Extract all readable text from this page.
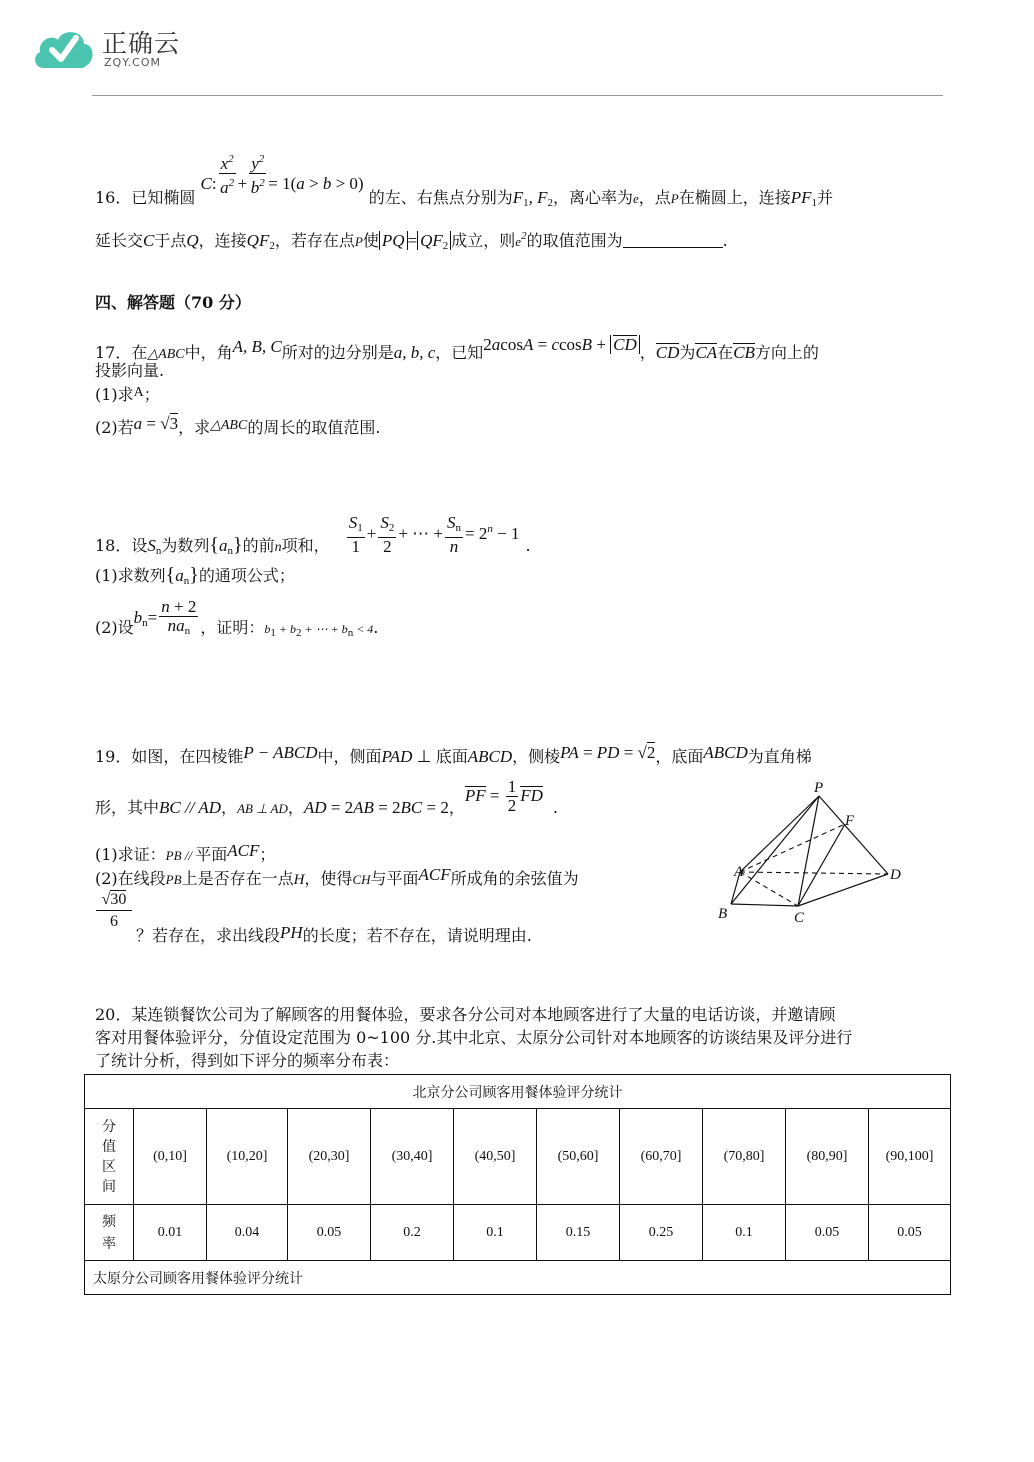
正确云
ZQY.COM
16．已知椭圆 C: $\frac{x^2}{a^2} + \frac{y^2}{b^2} = 1(a > b > 0)$ 的左、右焦点分别为$F_1$, $F_2$，离心率为e，点P在椭圆上，连接$PF_1$并
延长交C于点Q，连接$QF_2$，若存在点P使 PQ = $QF_2$ 成立，则$e^2$的取值范围为	.
四、解答题（70 分）
17．在△ABC中，角A, B, C所对的边分别是a, b, c，已知2acosA = ccosB + CD ，CD为CA在CB方向上的
投影向量.
(1)求A；
(2)若a = √3，求△ABC的周长的取值范围.
18．设$S_n$为数列$\{a_n\}$的前n项和， $\frac{S_1}{1} + \frac{S_2}{2}$ + ⋯ + $\frac{S_n}{n} = 2^n - 1$.
(1)求数列$\{a_n\}$的通项公式；
(2)设$b_n= \frac{n + 2}{na_n}$ ，证明：b1 + b2 + ⋯ + bn < 4.
19．如图，在四棱锥P − ABCD中，侧面PAD ⊥ 底面ABCD，侧棱PA = PD = √2，底面ABCD为直角梯
形，其中BC // AD，AB ⊥ AD，AD = 2AB = 2BC = 2，PF = $\frac{1}{2}$ FD.
(1)求证：PB // 平面ACF；
(2)在线段PB上是否存在一点H，使得CH与平面ACF所成角的余弦值为
√30
6
？若存在，求出线段PH的长度；若不存在，请说明理由.
P
F
A	D
B	C
20．某连锁餐饮公司为了解顾客的用餐体验，要求各分公司对本地顾客进行了大量的电话访谈，并邀请顾
客对用餐体验评分，分值设定范围为 0~100 分.其中北京、太原分公司针对本地顾客的访谈结果及评分进行
了统计分析，得到如下评分的频率分布表：
北京分公司顾客用餐体验评分统计										

分
值
区
间	(0,10]	(10,20]	(20,30]	(30,40]	(40,50]	(50,60]	(60,70]	(70,80]	(80,90]	(90,100]

频
率	0.01	0.04	0.05	0.2	0.1	0.15	0.25	0.1	0.05	0.05
太原分公司顾客用餐体验评分统计										
